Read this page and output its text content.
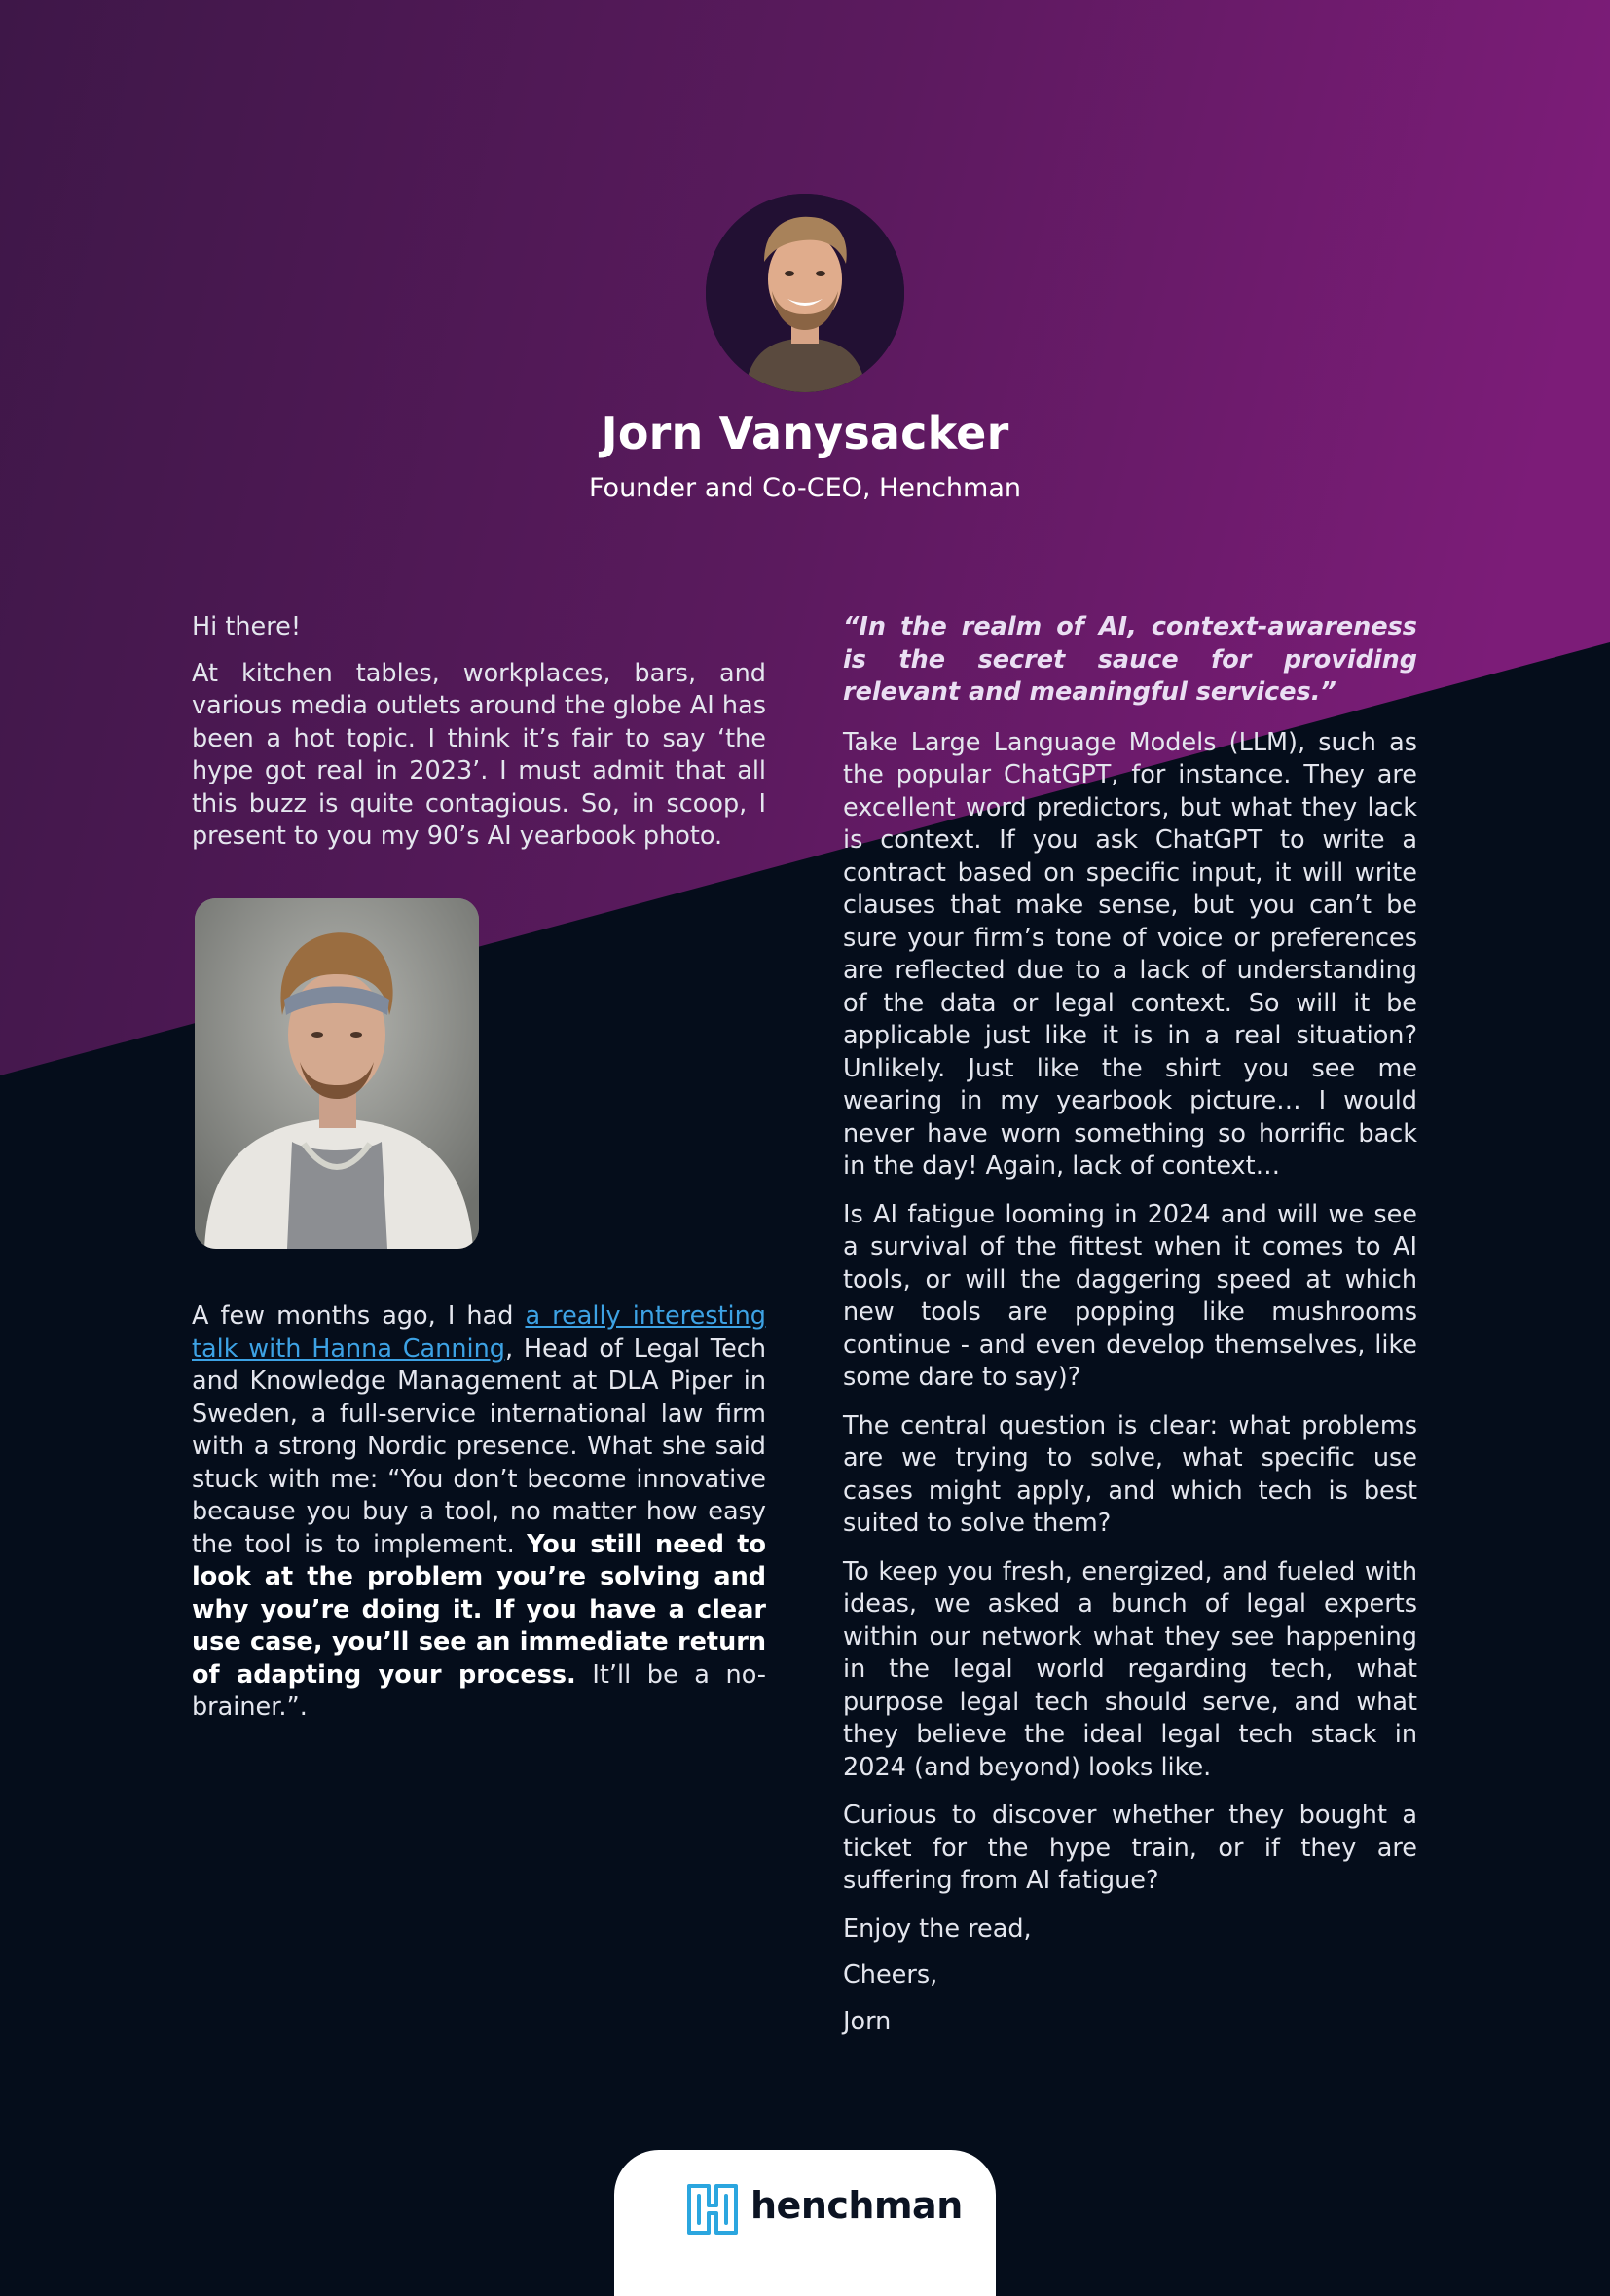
Jorn Vanysacker
Founder and Co-CEO, Henchman

Hi there!

At kitchen tables, workplaces, bars, and various media outlets around the globe AI has been a hot topic. I think it’s fair to say ‘the hype got real in 2023’. I must admit that all this buzz is quite contagious. So, in scoop, I present to you my 90’s AI yearbook photo.

A few months ago, I had a really interesting talk with Hanna Canning, Head of Legal Tech and Knowledge Management at DLA Piper in Sweden, a full-service international law firm with a strong Nordic presence. What she said stuck with me: “You don’t become innovative because you buy a tool, no matter how easy the tool is to implement. You still need to look at the problem you’re solving and why you’re doing it. If you have a clear use case, you’ll see an immediate return of adapting your process. It’ll be a no-brainer.”.

“In the realm of AI, context-awareness is the secret sauce for providing relevant and meaningful services.”

Take Large Language Models (LLM), such as the popular ChatGPT, for instance. They are excellent word predictors, but what they lack is context. If you ask ChatGPT to write a contract based on specific input, it will write clauses that make sense, but you can’t be sure your firm’s tone of voice or preferences are reflected due to a lack of understanding of the data or legal context. So will it be applicable just like it is in a real situation? Unlikely. Just like the shirt you see me wearing in my yearbook picture… I would never have worn something so horrific back in the day! Again, lack of context…

Is AI fatigue looming in 2024 and will we see a survival of the fittest when it comes to AI tools, or will the daggering speed at which new tools are popping like mushrooms continue - and even develop themselves, like some dare to say)?

The central question is clear: what problems are we trying to solve, what specific use cases might apply, and which tech is best suited to solve them?

To keep you fresh, energized, and fueled with ideas, we asked a bunch of legal experts within our network what they see happening in the legal world regarding tech, what purpose legal tech should serve, and what they believe the ideal legal tech stack in 2024 (and beyond) looks like.

Curious to discover whether they bought a ticket for the hype train, or if they are suffering from AI fatigue?

Enjoy the read,

Cheers,

Jorn

henchman
